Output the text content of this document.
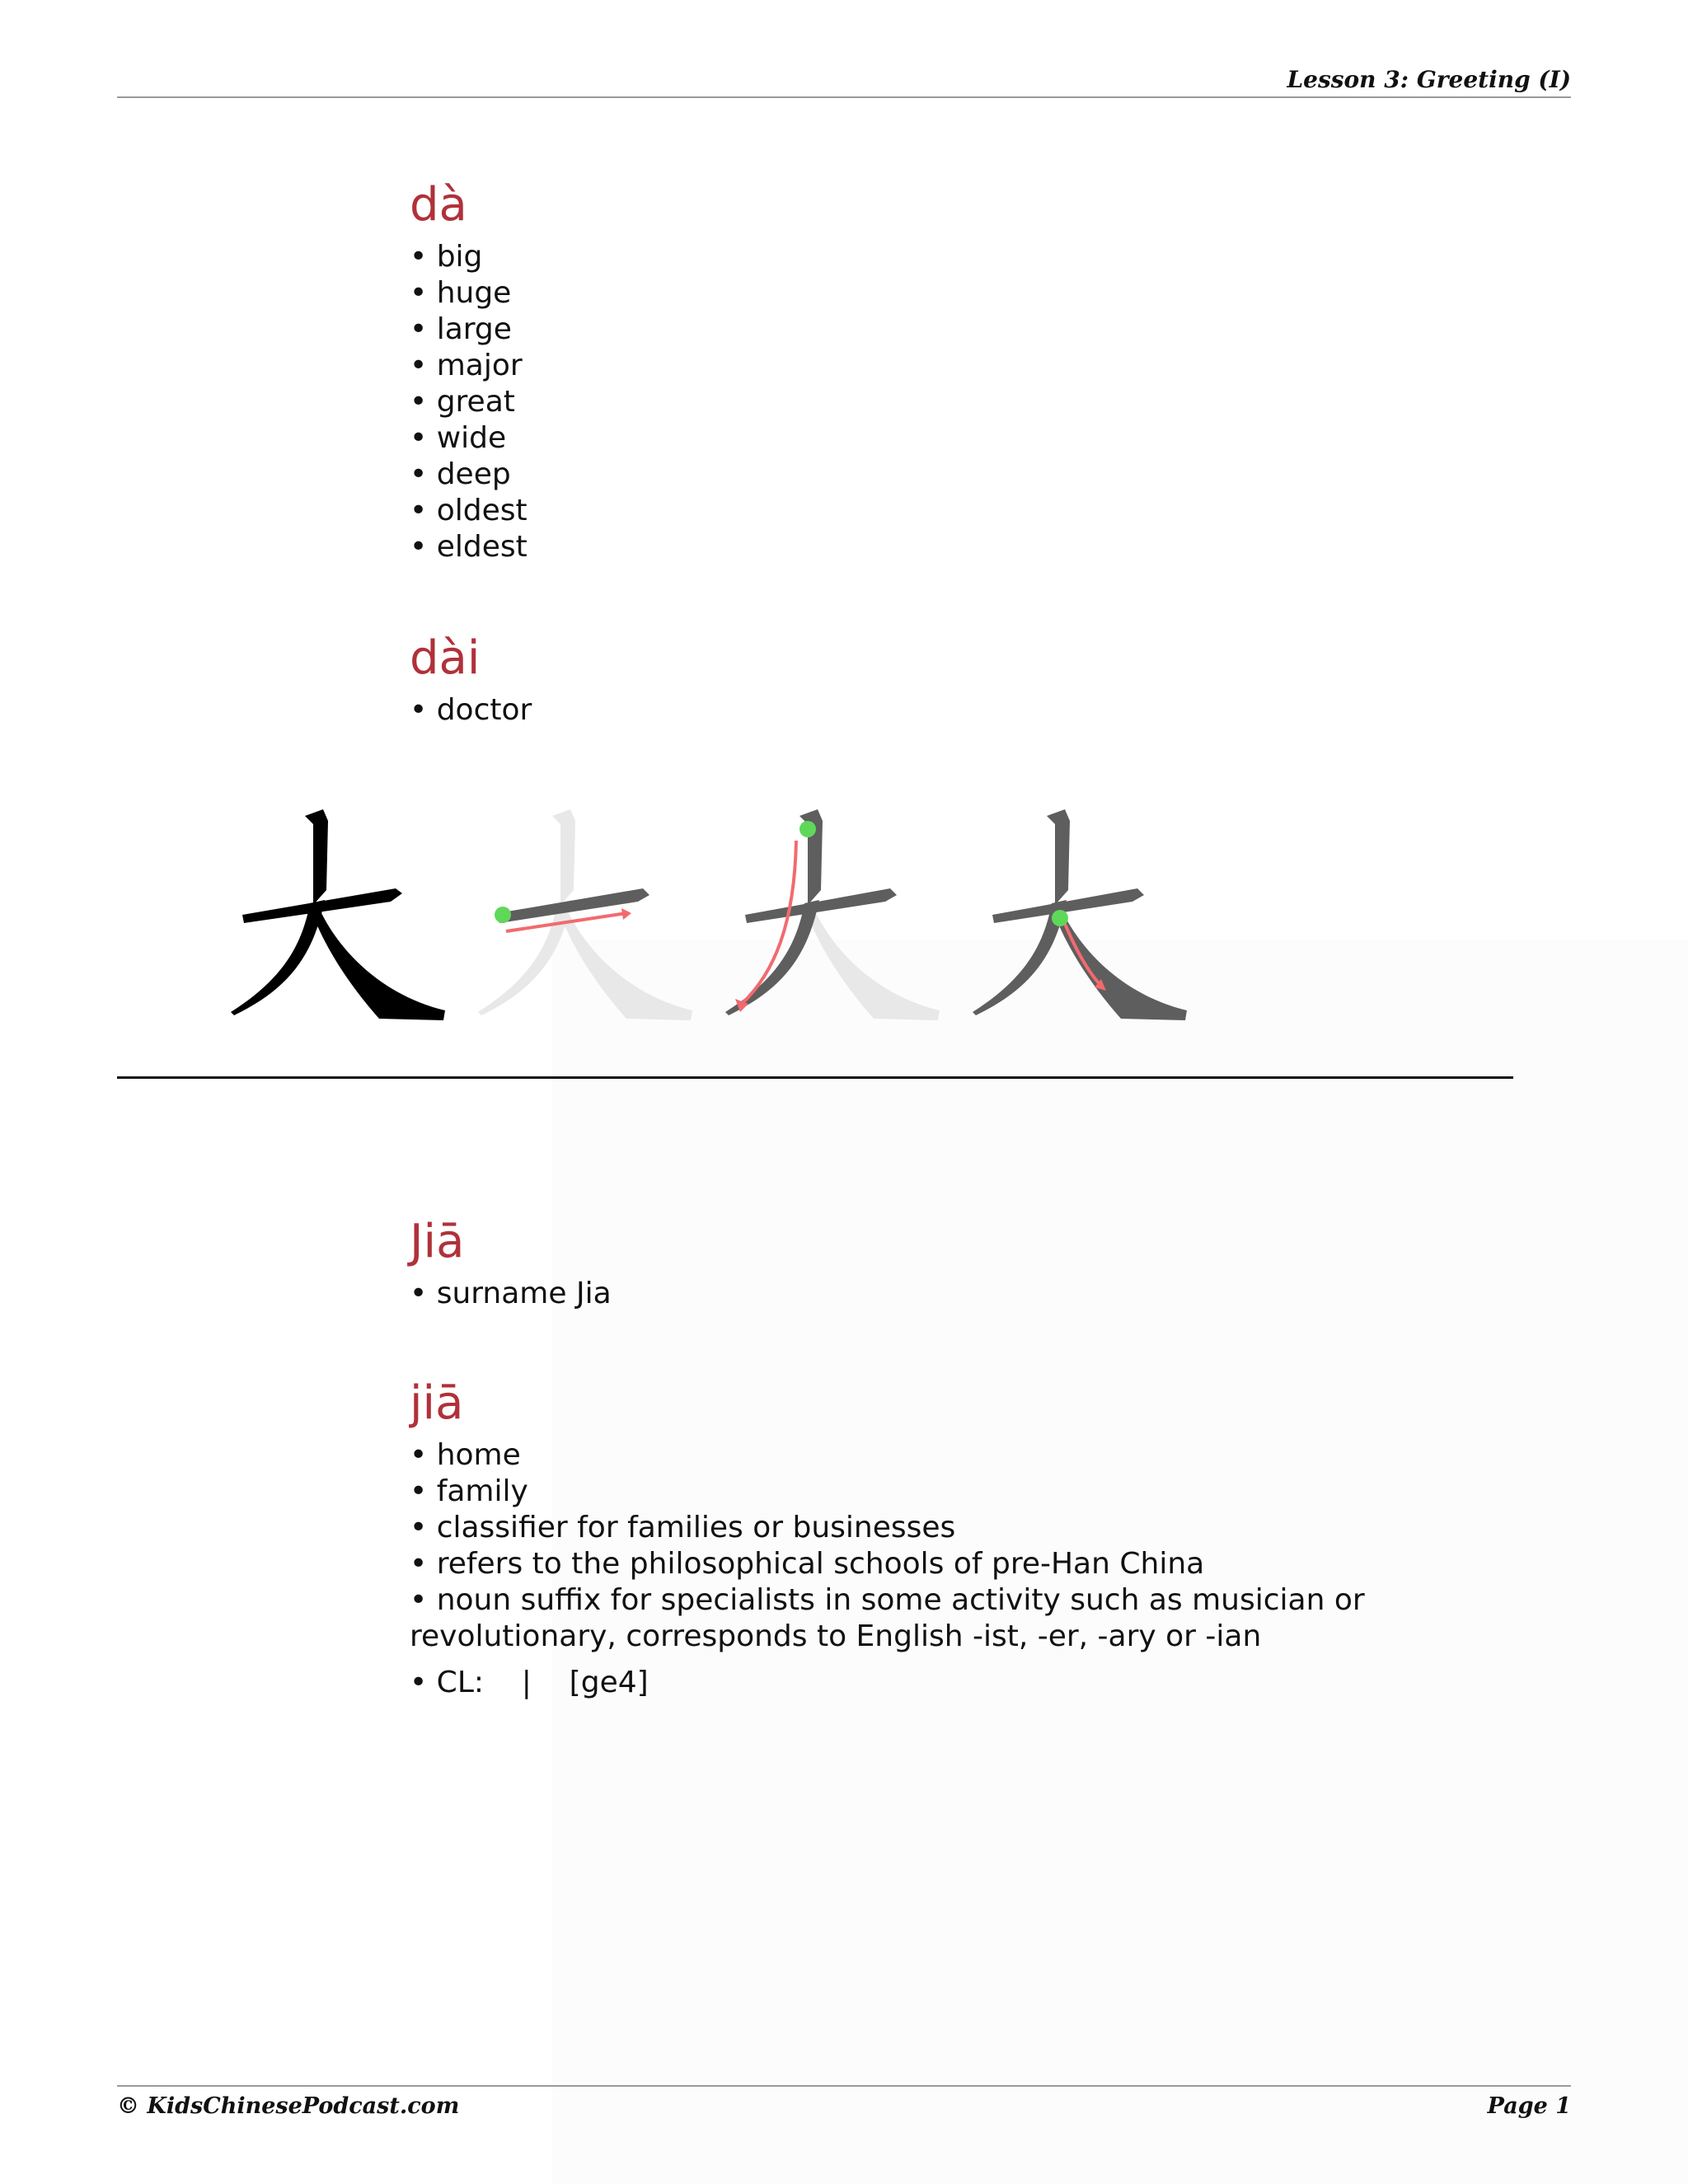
Lesson 3: Greeting (I)
dà
• big
• huge
• large
• major
• great
• wide
• deep
• oldest
• eldest
dài
• doctor
Jiā
• surname Jia
jiā
• home
• family
• classifier for families or businesses
• refers to the philosophical schools of pre-Han China
• noun suffix for specialists in some activity such as musician or revolutionary, corresponds to English -ist, -er, -ary or -ian
• CL:    |    [ge4]
© KidsChinesePodcast.com	Page 1
